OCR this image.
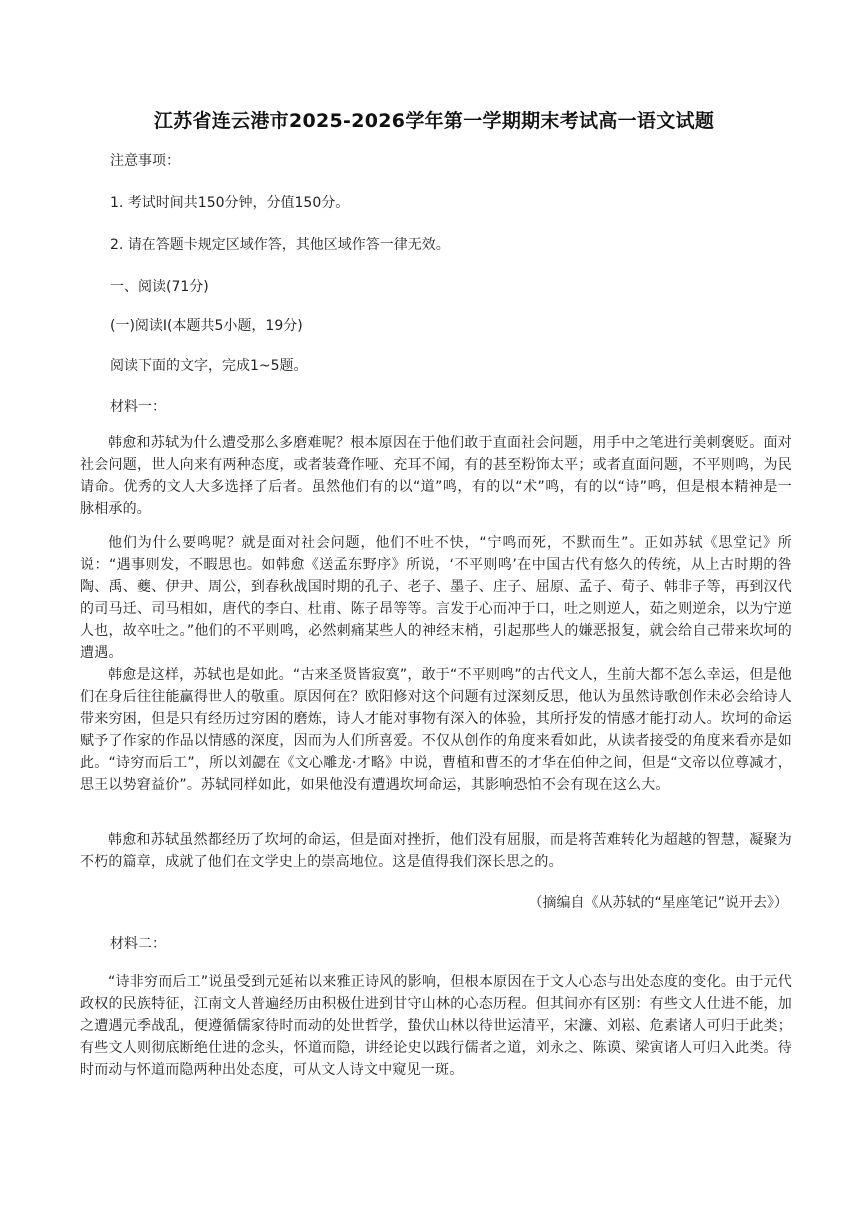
江苏省连云港市2025-2026学年第一学期期末考试高一语文试题
注意事项：
1. 考试时间共150分钟，分值150分。
2. 请在答题卡规定区域作答，其他区域作答一律无效。
一、阅读(71分)
(一)阅读Ⅰ(本题共5小题，19分)
阅读下面的文字，完成1~5题。
材料一：
韩愈和苏轼为什么遭受那么多磨难呢？根本原因在于他们敢于直面社会问题，用手中之笔进行美刺褒贬。面对社会问题，世人向来有两种态度，或者装聋作哑、充耳不闻，有的甚至粉饰太平；或者直面问题，不平则鸣，为民请命。优秀的文人大多选择了后者。虽然他们有的以“道”鸣，有的以“术”鸣，有的以“诗”鸣，但是根本精神是一脉相承的。
他们为什么要鸣呢？就是面对社会问题，他们不吐不快，“宁鸣而死，不默而生”。正如苏轼《思堂记》所说：“遇事则发，不暇思也。如韩愈《送孟东野序》所说，‘不平则鸣’在中国古代有悠久的传统，从上古时期的咎陶、禹、夔、伊尹、周公，到春秋战国时期的孔子、老子、墨子、庄子、屈原、孟子、荀子、韩非子等，再到汉代的司马迁、司马相如，唐代的李白、杜甫、陈子昂等等。言发于心而冲于口，吐之则逆人，茹之则逆余，以为宁逆人也，故卒吐之。”他们的不平则鸣，必然刺痛某些人的神经末梢，引起那些人的嫌恶报复，就会给自己带来坎坷的遭遇。
韩愈是这样，苏轼也是如此。“古来圣贤皆寂寞”，敢于“不平则鸣”的古代文人，生前大都不怎么幸运，但是他们在身后往往能赢得世人的敬重。原因何在？欧阳修对这个问题有过深刻反思，他认为虽然诗歌创作未必会给诗人带来穷困，但是只有经历过穷困的磨炼，诗人才能对事物有深入的体验，其所抒发的情感才能打动人。坎坷的命运赋予了作家的作品以情感的深度，因而为人们所喜爱。不仅从创作的角度来看如此，从读者接受的角度来看亦是如此。“诗穷而后工”，所以刘勰在《文心雕龙·才略》中说，曹植和曹丕的才华在伯仲之间，但是“文帝以位尊减才，思王以势窘益价”。苏轼同样如此，如果他没有遭遇坎坷命运，其影响恐怕不会有现在这么大。
韩愈和苏轼虽然都经历了坎坷的命运，但是面对挫折，他们没有屈服，而是将苦难转化为超越的智慧，凝聚为不朽的篇章，成就了他们在文学史上的崇高地位。这是值得我们深长思之的。
（摘编自《从苏轼的“星座笔记”说开去》）
材料二：
“诗非穷而后工”说虽受到元延祐以来雅正诗风的影响，但根本原因在于文人心态与出处态度的变化。由于元代政权的民族特征，江南文人普遍经历由积极仕进到甘守山林的心态历程。但其间亦有区别：有些文人仕进不能，加之遭遇元季战乱，便遵循儒家待时而动的处世哲学，蛰伏山林以待世运清平，宋濂、刘崧、危素诸人可归于此类；有些文人则彻底断绝仕进的念头，怀道而隐，讲经论史以践行儒者之道，刘永之、陈谟、梁寅诸人可归入此类。待时而动与怀道而隐两种出处态度，可从文人诗文中窥见一斑。
